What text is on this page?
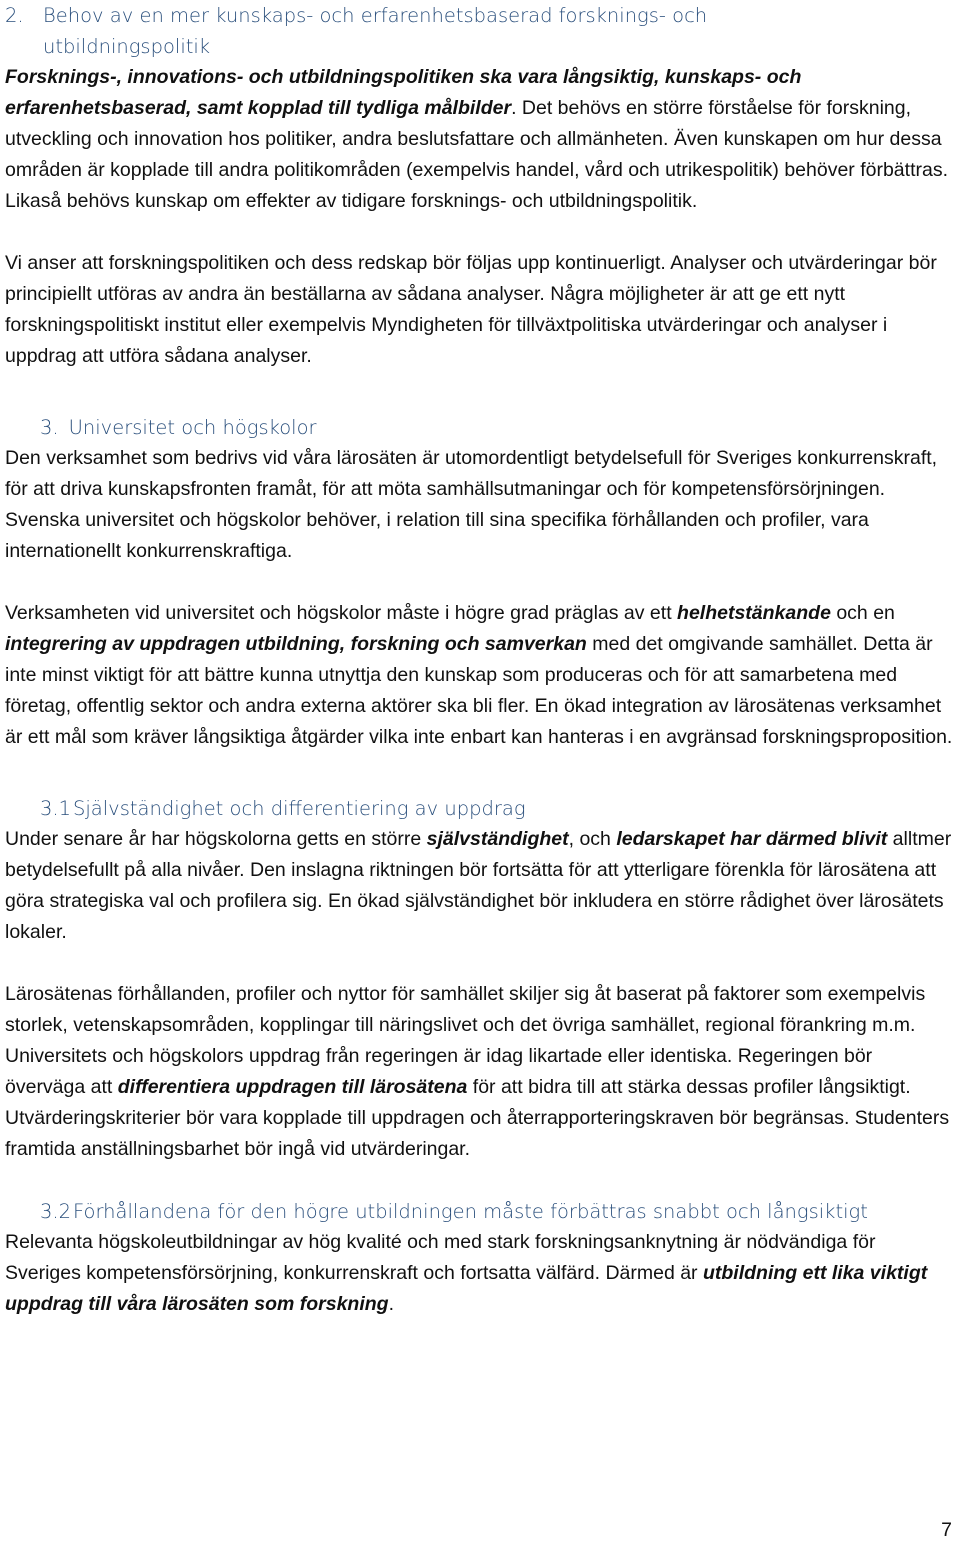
2. Behov av en mer kunskaps- och erfarenhetsbaserad forsknings- och
utbildningspolitik

Forsknings-, innovations- och utbildningspolitiken ska vara långsiktig, kunskaps- och erfarenhetsbaserad, samt kopplad till tydliga målbilder. Det behövs en större förståelse för forskning, utveckling och innovation hos politiker, andra beslutsfattare och allmänheten. Även kunskapen om hur dessa områden är kopplade till andra politikområden (exempelvis handel, vård och utrikespolitik) behöver förbättras. Likaså behövs kunskap om effekter av tidigare forsknings- och utbildningspolitik.

Vi anser att forskningspolitiken och dess redskap bör följas upp kontinuerligt. Analyser och utvärderingar bör principiellt utföras av andra än beställarna av sådana analyser. Några möjligheter är att ge ett nytt forskningspolitiskt institut eller exempelvis Myndigheten för tillväxtpolitiska utvärderingar och analyser i uppdrag att utföra sådana analyser.

3. Universitet och högskolor

Den verksamhet som bedrivs vid våra lärosäten är utomordentligt betydelsefull för Sveriges konkurrenskraft, för att driva kunskapsfronten framåt, för att möta samhällsutmaningar och för kompetensförsörjningen. Svenska universitet och högskolor behöver, i relation till sina specifika förhållanden och profiler, vara internationellt konkurrenskraftiga.

Verksamheten vid universitet och högskolor måste i högre grad präglas av ett helhetstänkande och en integrering av uppdragen utbildning, forskning och samverkan med det omgivande samhället. Detta är inte minst viktigt för att bättre kunna utnyttja den kunskap som produceras och för att samarbetena med företag, offentlig sektor och andra externa aktörer ska bli fler. En ökad integration av lärosätenas verksamhet är ett mål som kräver långsiktiga åtgärder vilka inte enbart kan hanteras i en avgränsad forskningsproposition.

3.1 Självständighet och differentiering av uppdrag

Under senare år har högskolorna getts en större självständighet, och ledarskapet har därmed blivit alltmer betydelsefullt på alla nivåer. Den inslagna riktningen bör fortsätta för att ytterligare förenkla för lärosätena att göra strategiska val och profilera sig. En ökad självständighet bör inkludera en större rådighet över lärosätets lokaler.

Lärosätenas förhållanden, profiler och nyttor för samhället skiljer sig åt baserat på faktorer som exempelvis storlek, vetenskapsområden, kopplingar till näringslivet och det övriga samhället, regional förankring m.m. Universitets och högskolors uppdrag från regeringen är idag likartade eller identiska. Regeringen bör överväga att differentiera uppdragen till lärosätena för att bidra till att stärka dessas profiler långsiktigt. Utvärderingskriterier bör vara kopplade till uppdragen och återrapporteringskraven bör begränsas. Studenters framtida anställningsbarhet bör ingå vid utvärderingar.

3.2 Förhållandena för den högre utbildningen måste förbättras snabbt och långsiktigt

Relevanta högskoleutbildningar av hög kvalité och med stark forskningsanknytning är nödvändiga för Sveriges kompetensförsörjning, konkurrenskraft och fortsatta välfärd. Därmed är utbildning ett lika viktigt uppdrag till våra lärosäten som forskning.

7
